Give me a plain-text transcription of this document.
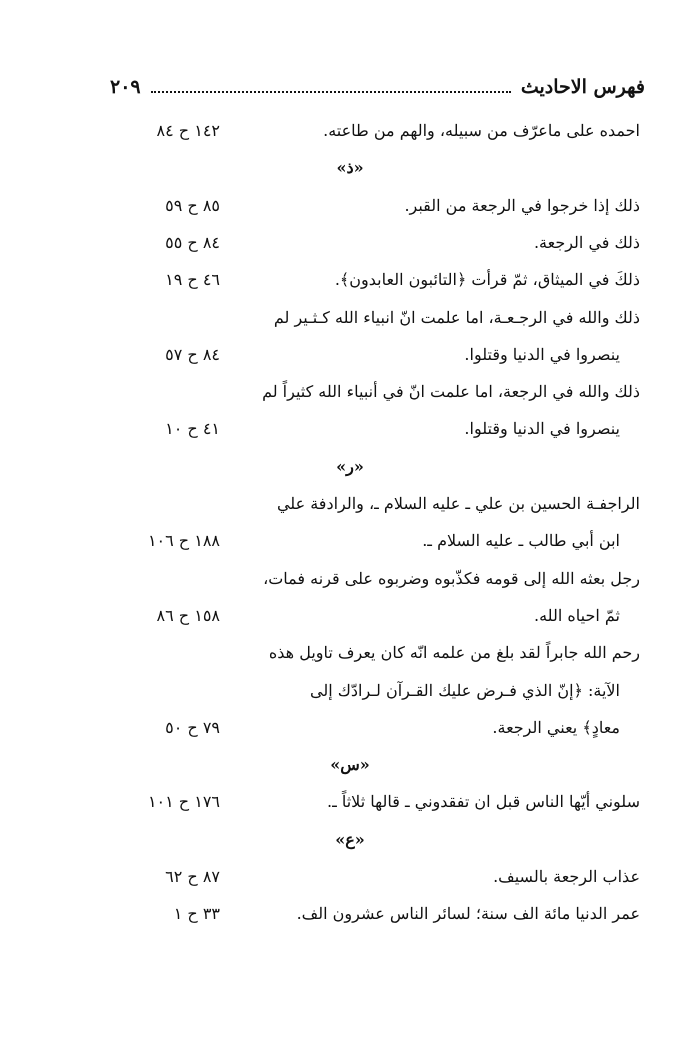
فهرس الاحاديث
٢٠٩
احمده على ماعرّف من سبيله، والهم من طاعته.
١٤٢ ح ٨٤
«ذ»
ذلك إذا خرجوا في الرجعة من القبر.
٨٥ ح ٥٩
ذلك في الرجعة.
٨٤ ح ٥٥
ذلكَ في الميثاق، ثمّ قرأت ﴿التائبون العابدون﴾.
٤٦ ح ١٩
ذلك والله في الرجـعـة، اما علمت انّ انبياء الله كـثـير لم
ينصروا في الدنيا وقتلوا.
٨٤ ح ٥٧
ذلك والله في الرجعة، اما علمت انّ في أنبياء الله كثيراً لم
ينصروا في الدنيا وقتلوا.
٤١ ح ١٠
«ر»
الراجفـة الحسين بن علي ـ عليه السلام ـ، والرادفة علي
ابن أبي طالب ـ عليه السلام ـ.
١٨٨ ح ١٠٦
رجل بعثه الله إلى قومه فكذّبوه وضربوه على قرنه فمات،
ثمّ احياه الله.
١٥٨ ح ٨٦
رحم الله جابراً لقد بلغ من علمه انّه كان يعرف تاويل هذه
الآية: ﴿إنّ الذي فـرض عليك القـرآن لـرادّك إلى
معادٍ﴾ يعني الرجعة.
٧٩ ح ٥٠
«س»
سلوني أيّها الناس قبل ان تفقدوني ـ قالها ثلاثاً ـ.
١٧٦ ح ١٠١
«ع»
عذاب الرجعة بالسيف.
٨٧ ح ٦٢
عمر الدنيا مائة الف سنة؛ لسائر الناس عشرون الف.
٣٣ ح ١
